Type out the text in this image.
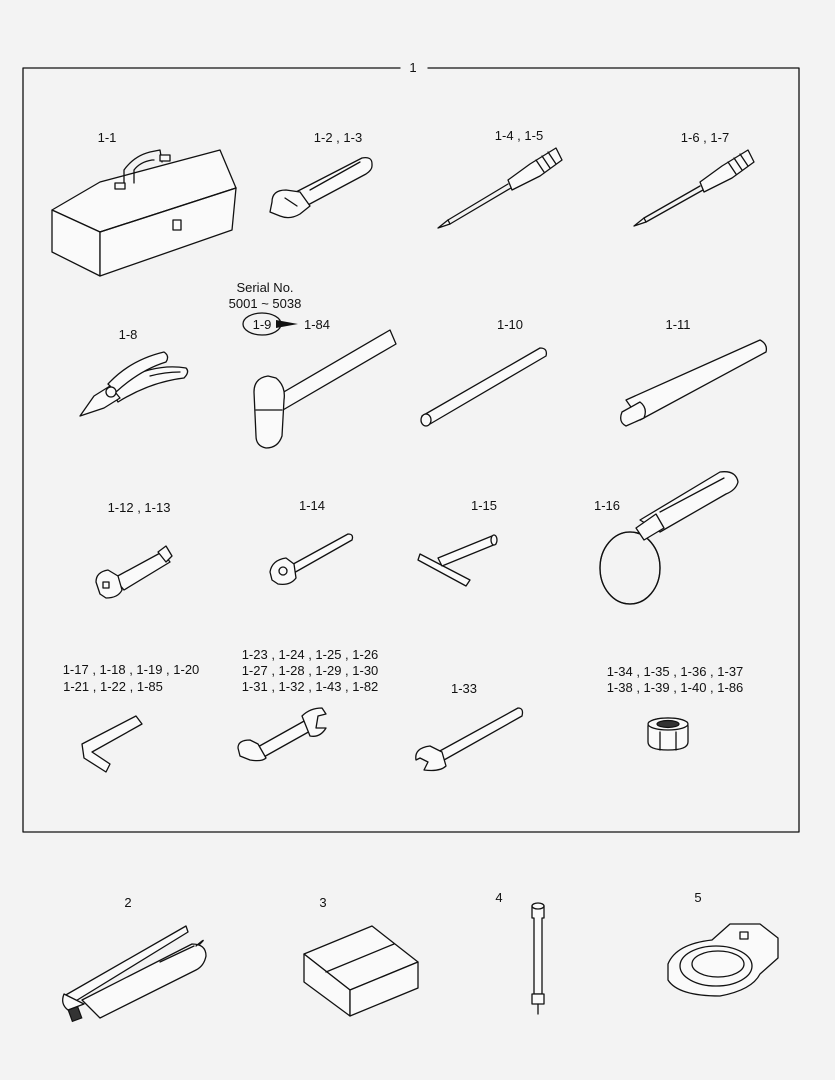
1
1-1	1-2 , 1-3	1-4 , 1-5	1-6 , 1-7
Serial No.
5001 ~ 5038
1-9	1-84
1-8
1-10	1-11
1-12 , 1-13	1-14	1-15	1-16
1-17 , 1-18 , 1-19 , 1-20
1-21 , 1-22 , 1-85
1-23 , 1-24 , 1-25 , 1-26
1-27 , 1-28 , 1-29 , 1-30
1-31 , 1-32 , 1-43 , 1-82	1-33
1-34 , 1-35 , 1-36 , 1-37
1-38 , 1-39 , 1-40 , 1-86
2	3	4	5
